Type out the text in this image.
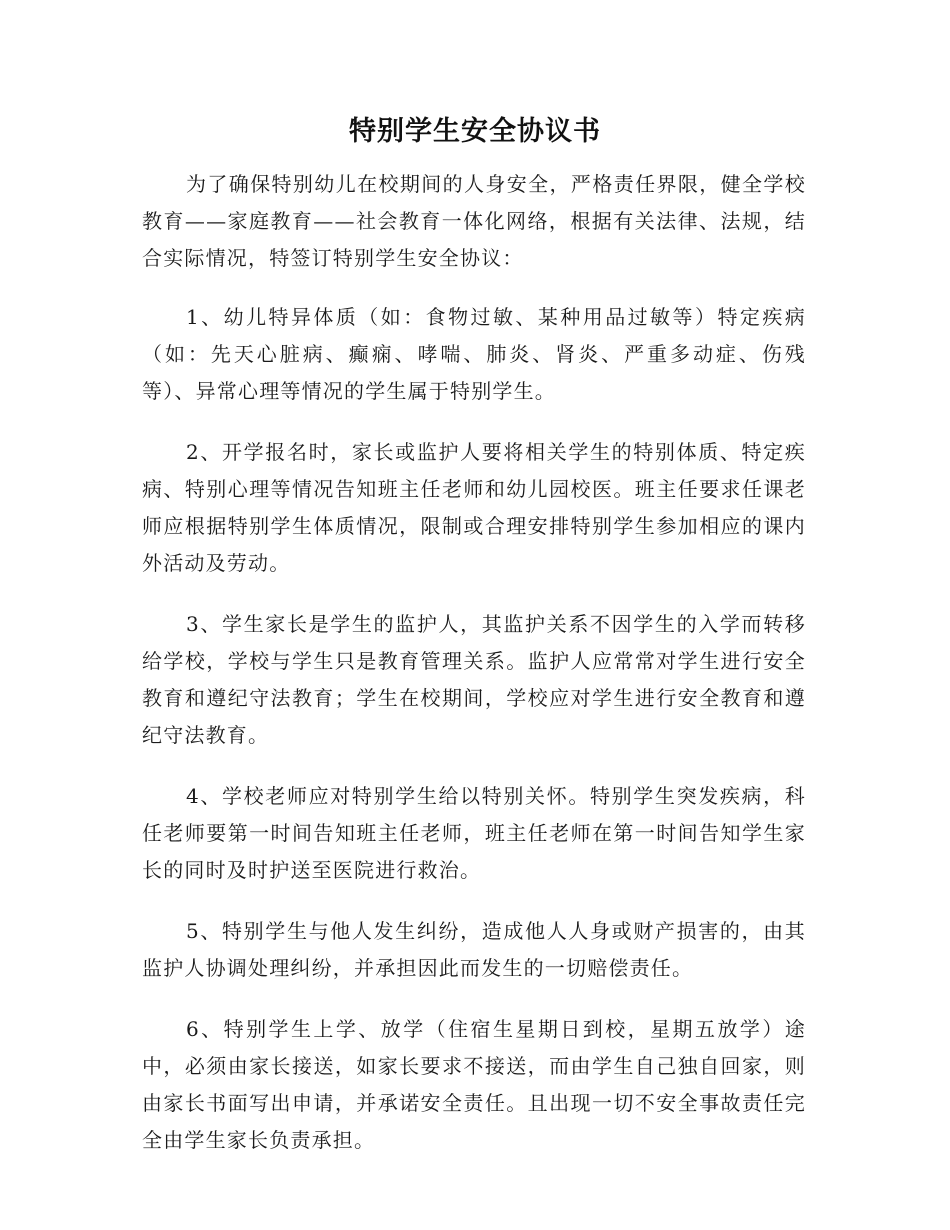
特别学生安全协议书

为了确保特别幼儿在校期间的人身安全，严格责任界限，健全学校教育——家庭教育——社会教育一体化网络，根据有关法律、法规，结合实际情况，特签订特别学生安全协议：

1、幼儿特异体质（如：食物过敏、某种用品过敏等）特定疾病（如：先天心脏病、癫痫、哮喘、肺炎、肾炎、严重多动症、伤残等）、异常心理等情况的学生属于特别学生。

2、开学报名时，家长或监护人要将相关学生的特别体质、特定疾病、特别心理等情况告知班主任老师和幼儿园校医。班主任要求任课老师应根据特别学生体质情况，限制或合理安排特别学生参加相应的课内外活动及劳动。

3、学生家长是学生的监护人，其监护关系不因学生的入学而转移给学校，学校与学生只是教育管理关系。监护人应常常对学生进行安全教育和遵纪守法教育；学生在校期间，学校应对学生进行安全教育和遵纪守法教育。

4、学校老师应对特别学生给以特别关怀。特别学生突发疾病，科任老师要第一时间告知班主任老师，班主任老师在第一时间告知学生家长的同时及时护送至医院进行救治。

5、特别学生与他人发生纠纷，造成他人人身或财产损害的，由其监护人协调处理纠纷，并承担因此而发生的一切赔偿责任。

6、特别学生上学、放学（住宿生星期日到校，星期五放学）途中，必须由家长接送，如家长要求不接送，而由学生自己独自回家，则由家长书面写出申请，并承诺安全责任。且出现一切不安全事故责任完全由学生家长负责承担。
